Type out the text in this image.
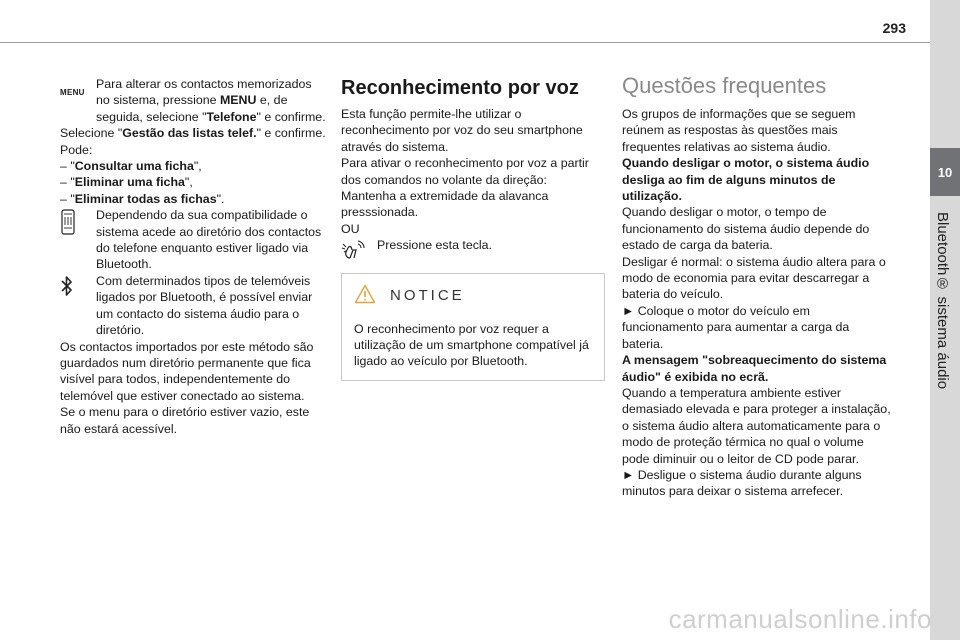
293
10
Bluetooth® sistema áudio

MENU
Para alterar os contactos memorizados no sistema, pressione MENU e, de seguida, selecione "Telefone" e confirme.

Selecione "Gestão das listas telef." e confirme.

Pode:

– "Consultar uma ficha",

– "Eliminar uma ficha",

– "Eliminar todas as fichas".

Dependendo da sua compatibilidade o sistema acede ao diretório dos contactos do telefone enquanto estiver ligado via Bluetooth.

Com determinados tipos de telemóveis ligados por Bluetooth, é possível enviar um contacto do sistema áudio para o diretório.

Os contactos importados por este método são guardados num diretório permanente que fica visível para todos, independentemente do telemóvel que estiver conectado ao sistema.

Se o menu para o diretório estiver vazio, este não estará acessível.

Reconhecimento por voz

Esta função permite-lhe utilizar o reconhecimento por voz do seu smartphone através do sistema.

Para ativar o reconhecimento por voz a partir dos comandos no volante da direção:

Mantenha a extremidade da alavanca presssionada.

OU

Pressione esta tecla.

NOTICE

O reconhecimento por voz requer a utilização de um smartphone compatível já ligado ao veículo por Bluetooth.

Questões frequentes

Os grupos de informações que se seguem reúnem as respostas às questões mais frequentes relativas ao sistema áudio.

Quando desligar o motor, o sistema áudio desliga ao fim de alguns minutos de utilização.

Quando desligar o motor, o tempo de funcionamento do sistema áudio depende do estado de carga da bateria.

Desligar é normal: o sistema áudio altera para o modo de economia para evitar descarregar a bateria do veículo.

► Coloque o motor do veículo em funcionamento para aumentar a carga da bateria.

A mensagem "sobreaquecimento do sistema áudio" é exibida no ecrã.

Quando a temperatura ambiente estiver demasiado elevada e para proteger a instalação, o sistema áudio altera automaticamente para o modo de proteção térmica no qual o volume pode diminuir ou o leitor de CD pode parar.

► Desligue o sistema áudio durante alguns minutos para deixar o sistema arrefecer.

carmanualsonline.info
